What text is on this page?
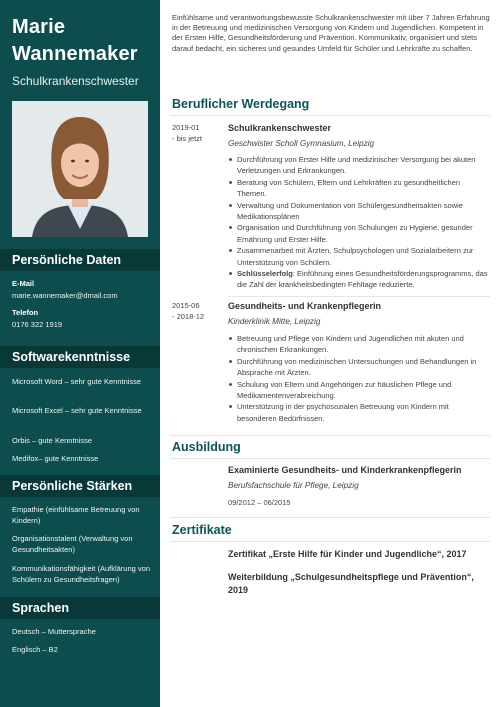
Marie
Wannemaker
Schulkrankenschwester
Persönliche Daten
E-Mail
marie.wannemaker@dmail.com
Telefon
0176 322 1919
Softwarekenntnisse
Microsoft Word – sehr gute Kenntnisse
Microsoft Excel – sehr gute Kenntnisse
Orbis – gute Kenntnisse
Medifox– gute Kenntnisse
Persönliche Stärken
Empathie (einfühlsame Betreuung von Kindern)
Organisationstalent (Verwaltung von Gesundheitsakten)
Kommunikationsfähigkeit (Aufklärung von Schülern zu Gesundheitsfragen)
Sprachen
Deutsch – Muttersprache
Englisch – B2

Einfühlsame und verantwortungsbewusste Schulkrankenschwester mit über 7 Jahren Erfahrung in der Betreuung und medizinischen Versorgung von Kindern und Jugendlichen. Kompetent in der Ersten Hilfe, Gesundheitsförderung und Prävention. Kommunikativ, organisiert und stets darauf bedacht, ein sicheres und gesundes Umfeld für Schüler und Lehrkräfte zu schaffen.

Beruflicher Werdegang
2019-01
- bis jetzt
Schulkrankenschwester
Geschwister Scholl Gymnasium, Leipzig
Durchführung von Erster Hilfe und medizinischer Versorgung bei akuten Verletzungen und Erkrankungen.
Beratung von Schülern, Eltern und Lehrkräften zu gesundheitlichen Themen.
Verwaltung und Dokumentation von Schülergesundheitsakten sowie Medikationsplänen
Organisation und Durchführung von Schulungen zu Hygiene, gesunder Ernährung und Erster Hilfe.
Zusammenarbeit mit Ärzten, Schulpsychologen und Sozialarbeitern zur Unterstützung von Schülern.
Schlüsselerfolg: Einführung eines Gesundheitsförderungsprogramms, das die Zahl der krankheitsbedingten Fehltage reduzierte.
2015-06
- 2018-12
Gesundheits- und Krankenpflegerin
Kinderklinik Mitte, Leipzig
Betreuung und Pflege von Kindern und Jugendlichen mit akuten und chronischen Erkrankungen.
Durchführung von medizinischen Untersuchungen und Behandlungen in Absprache mit Ärzten.
Schulung von Eltern und Angehörigen zur häuslichen Pflege und Medikamentenverabreichung.
Unterstützung in der psychosozialen Betreuung von Kindern mit besonderen Bedürfnissen.
Ausbildung
Examinierte Gesundheits- und Kinderkrankenpflegerin
Berufsfachschule für Pflege, Leipzig
09/2012 – 06/2015
Zertifikate
Zertifikat „Erste Hilfe für Kinder und Jugendliche“, 2017
Weiterbildung „Schulgesundheitspflege und Prävention“, 2019
